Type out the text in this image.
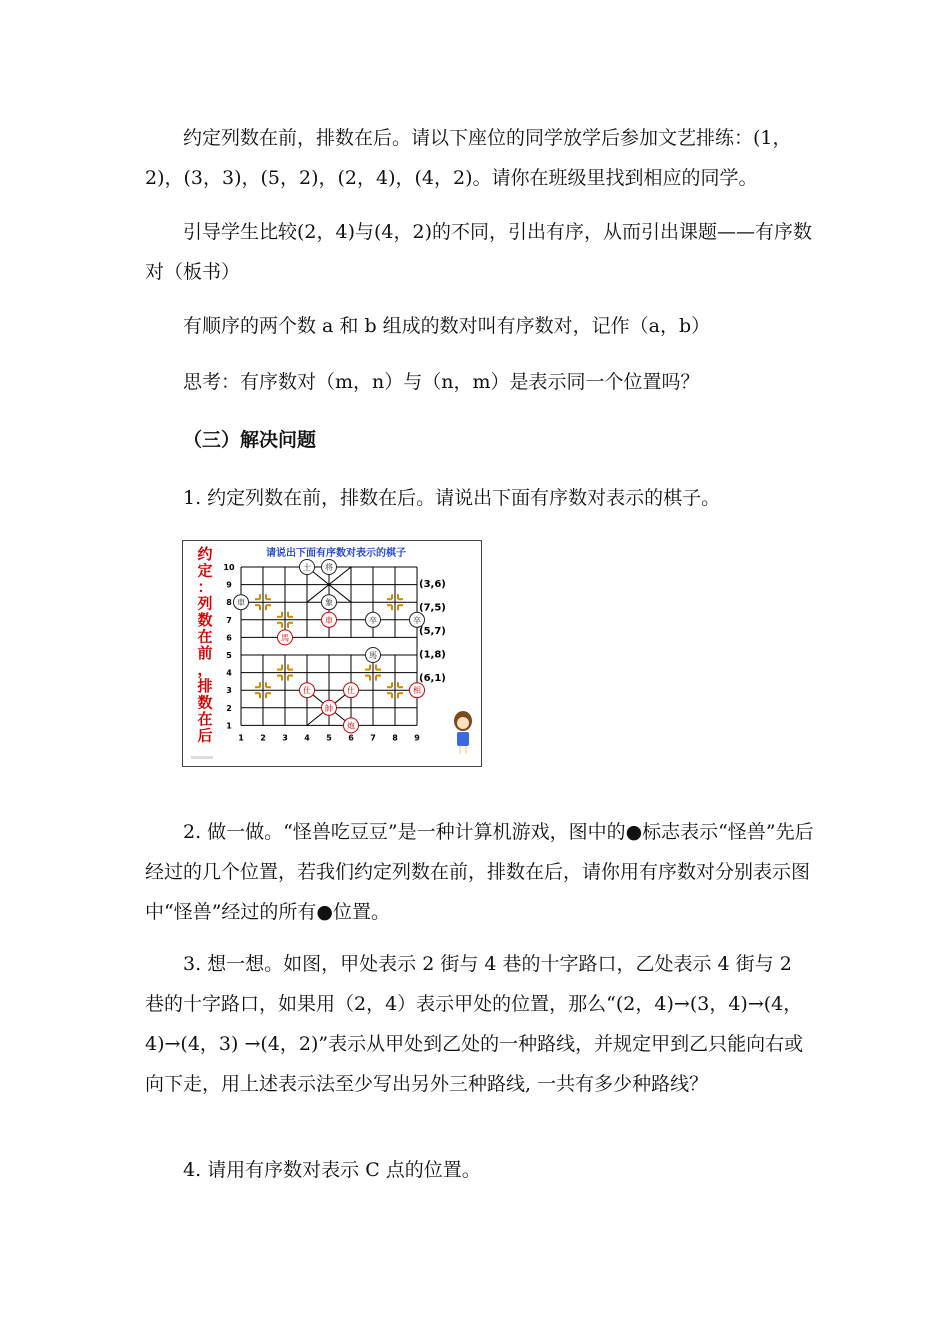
约定列数在前，排数在后。请以下座位的同学放学后参加文艺排练：(1，2)，(3，3)，(5，2)，(2，4)，(4，2)。请你在班级里找到相应的同学。

引导学生比较(2，4)与(4，2)的不同，引出有序，从而引出课题——有序数对（板书）

有顺序的两个数 a 和 b 组成的数对叫有序数对，记作（a，b）

思考：有序数对（m，n）与（n，m）是表示同一个位置吗？

（三）解决问题

1. 约定列数在前，排数在后。请说出下面有序数对表示的棋子。

请说出下面有序数对表示的棋子
约
定
：
列
数
在
前
，
排
数
在
后
1
2
3
4
5
6
7
8
9
10
1 2 3 4 5 6 7 8 9
士 将
車	象
車	卒	卒
馬
馬
仕	仕	相
帥
炮
(3,6)
(7,5)
(5,7)
(1,8)
(6,1)

2. 做一做。“怪兽吃豆豆”是一种计算机游戏，图中的●标志表示“怪兽”先后经过的几个位置，若我们约定列数在前，排数在后，请你用有序数对分别表示图中“怪兽”经过的所有●位置。

3. 想一想。如图，甲处表示 2 街与 4 巷的十字路口，乙处表示 4 街与 2 巷的十字路口，如果用（2，4）表示甲处的位置，那么“(2，4)→(3，4)→(4，4)→(4，3) →(4，2)”表示从甲处到乙处的一种路线，并规定甲到乙只能向右或向下走，用上述表示法至少写出另外三种路线, 一共有多少种路线？

4. 请用有序数对表示 C 点的位置。
